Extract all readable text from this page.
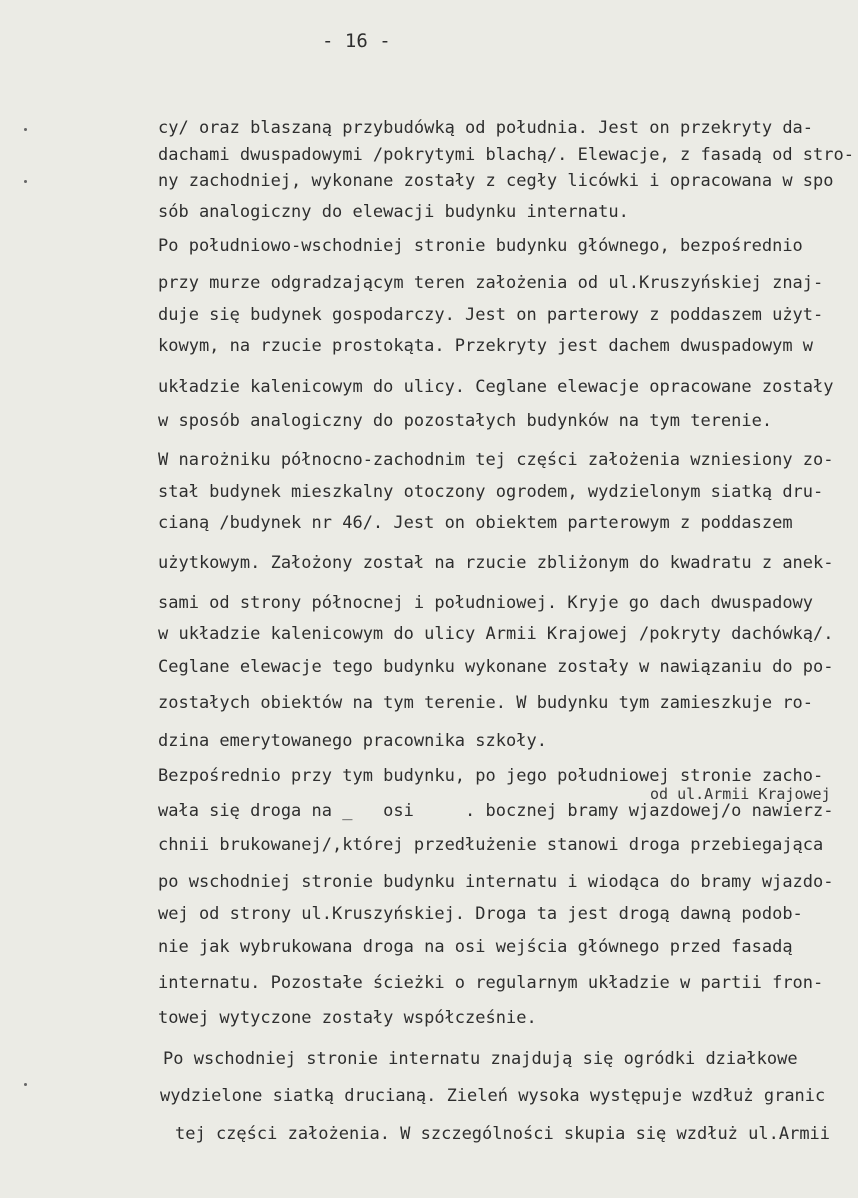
- 16 -
cy/ oraz blaszaną przybudówką od południa. Jest on przekryty da-
dachami dwuspadowymi /pokrytymi blachą/. Elewacje, z fasadą od stro-
ny zachodniej, wykonane zostały z cegły licówki i opracowana w spo
sób analogiczny do elewacji budynku internatu.
Po południowo-wschodniej stronie budynku głównego, bezpośrednio
przy murze odgradzającym teren założenia od ul.Kruszyńskiej znaj-
duje się budynek gospodarczy. Jest on parterowy z poddaszem użyt-
kowym, na rzucie prostokąta. Przekryty jest dachem dwuspadowym w
układzie kalenicowym do ulicy. Ceglane elewacje opracowane zostały
w sposób analogiczny do pozostałych budynków na tym terenie.
W narożniku północno-zachodnim tej części założenia wzniesiony zo-
stał budynek mieszkalny otoczony ogrodem, wydzielonym siatką dru-
cianą /budynek nr 46/. Jest on obiektem parterowym z poddaszem
użytkowym. Założony został na rzucie zbliżonym do kwadratu z anek-
sami od strony północnej i południowej. Kryje go dach dwuspadowy
w układzie kalenicowym do ulicy Armii Krajowej /pokryty dachówką/.
Ceglane elewacje tego budynku wykonane zostały w nawiązaniu do po-
zostałych obiektów na tym terenie. W budynku tym zamieszkuje ro-
dzina emerytowanego pracownika szkoły.
Bezpośrednio przy tym budynku, po jego południowej stronie zacho-
od ul.Armii Krajowej
wała się droga na _   osi     . bocznej bramy wjazdowej/o nawierz-
chnii brukowanej/,której przedłużenie stanowi droga przebiegająca
po wschodniej stronie budynku internatu i wiodąca do bramy wjazdo-
wej od strony ul.Kruszyńskiej. Droga ta jest drogą dawną podob-
nie jak wybrukowana droga na osi wejścia głównego przed fasadą
internatu. Pozostałe ścieżki o regularnym układzie w partii fron-
towej wytyczone zostały współcześnie.
Po wschodniej stronie internatu znajdują się ogródki działkowe
wydzielone siatką drucianą. Zieleń wysoka występuje wzdłuż granic
tej części założenia. W szczególności skupia się wzdłuż ul.Armii
